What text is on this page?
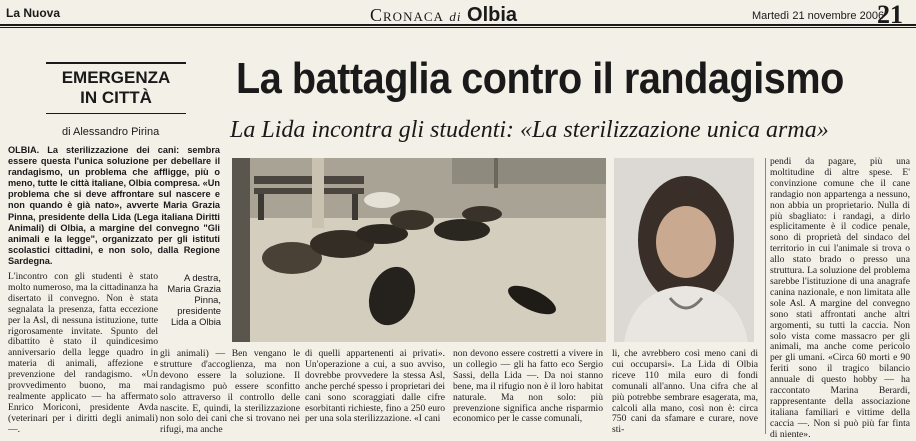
La Nuova	Cronaca di Olbia	Martedì 21 novembre 2006
21
EMERGENZA
IN CITTÀ
di Alessandro Pirina
La battaglia contro il randagismo
La Lida incontra gli studenti: «La sterilizzazione unica arma»
OLBIA. La sterilizzazione dei cani: sembra essere questa l'unica soluzione per debellare il randagismo, un problema che affligge, più o meno, tutte le città italiane, Olbia compresa. «Un problema che si deve affrontare sul nascere e non quando è già nato», avverte Maria Grazia Pinna, presidente della Lida (Lega italiana Diritti Animali) di Olbia, a margine del convegno "Gli animali e la legge", organizzato per gli istituti scolastici cittadini, e non solo, dalla Regione Sardegna.
A destra, Maria Grazia Pinna, presidente Lida a Olbia
L'incontro con gli studenti è stato molto numeroso, ma la cittadinanza ha disertato il convegno. Non è stata segnalata la presenza, fatta eccezione per la Asl, di nessuna istituzione, tutte rigorosamente invitate. Spunto del dibattito è stato il quindicesimo anniversario della legge quadro in materia di animali, affezione e prevenzione del randagismo. «Un provvedimento buono, ma mai realmente applicato — ha affermato Enrico Moriconi, presidente Avda (veterinari per i diritti degli animali) —.
gli animali) — Ben vengano le strutture d'accoglienza, ma non devono essere la soluzione. Il randagismo può essere sconfitto solo attraverso il controllo delle nascite. E, quindi, la sterilizzazione non solo dei cani che si trovano nei rifugi, ma anche
di quelli appartenenti ai privati». Un'operazione a cui, a suo avviso, dovrebbe provvedere la stessa Asl, anche perché spesso i proprietari dei cani sono scoraggiati dalle cifre esorbitanti richieste, fino a 250 euro per una sola sterilizzazione. «I cani
non devono essere costretti a vivere in un collegio — gli ha fatto eco Sergio Sassi, della Lida —. Da noi stanno bene, ma il rifugio non è il loro habitat naturale. Ma non solo: più prevenzione significa anche risparmio economico per le casse comunali,
li, che avrebbero così meno cani di cui occuparsi». La Lida di Olbia riceve 110 mila euro di fondi comunali all'anno. Una cifra che al più potrebbe sembrare esagerata, ma, calcoli alla mano, così non è: circa 750 cani da sfamare e curare, nove sti-
pendi da pagare, più una moltitudine di altre spese. E' convinzione comune che il cane randagio non appartenga a nessuno, non abbia un proprietario. Nulla di più sbagliato: i randagi, a dirlo esplicitamente è il codice penale, sono di proprietà del sindaco del territorio in cui l'animale si trova o allo stato brado o presso una struttura. La soluzione del problema sarebbe l'istituzione di una anagrafe canina nazionale, e non limitata alle sole Asl. A margine del convegno sono stati affrontati anche altri argomenti, su tutti la caccia. Non solo vista come massacro per gli animali, ma anche come pericolo per gli umani. «Circa 60 morti e 90 feriti sono il tragico bilancio annuale di questo hobby — ha raccontato Marina Berardi, rappresentante della associazione italiana familiari e vittime della caccia —. Non si può più far finta di niente».
